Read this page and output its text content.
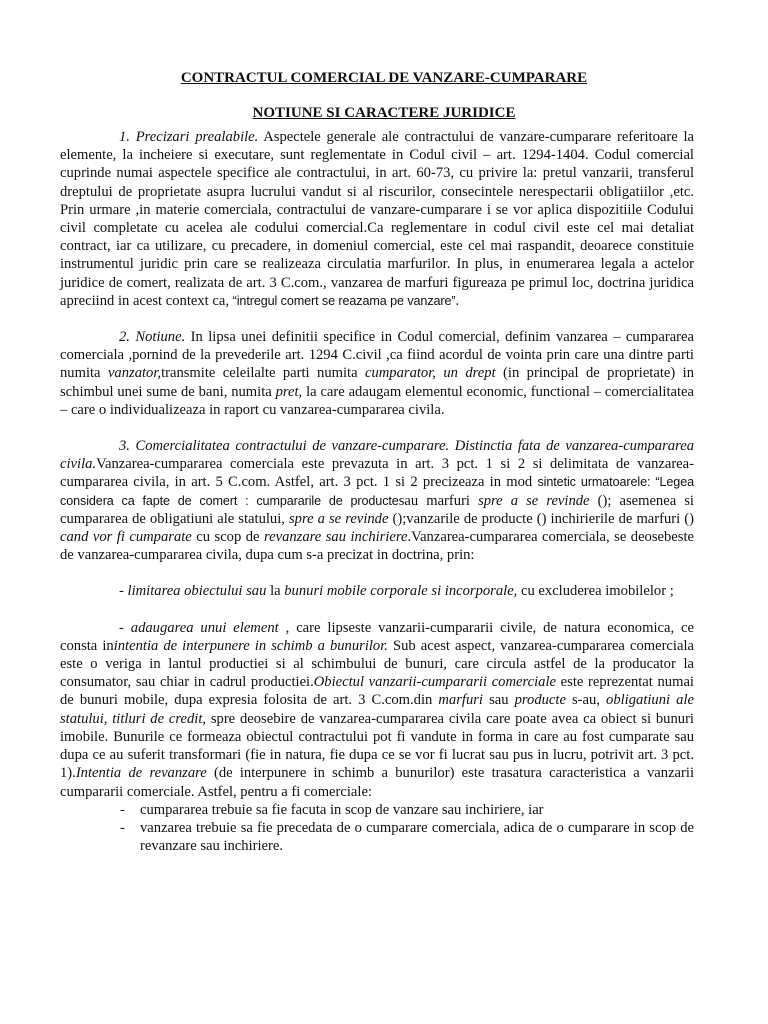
CONTRACTUL COMERCIAL DE VANZARE-CUMPARARE
NOTIUNE SI CARACTERE JURIDICE

1. Precizari prealabile. Aspectele generale ale contractului de vanzare-cumparare referitoare la elemente, la incheiere si executare, sunt reglementate in Codul civil – art. 1294-1404. Codul comercial cuprinde numai aspectele specifice ale contractului, in art. 60-73, cu privire la: pretul vanzarii, transferul dreptului de proprietate asupra lucrului vandut si al riscurilor, consecintele nerespectarii obligatiilor ,etc. Prin urmare ,in materie comerciala, contractului de vanzare-cumparare i se vor aplica dispozitiile Codului civil completate cu acelea ale codului comercial.Ca reglementare in codul civil este cel mai detaliat contract, iar ca utilizare, cu precadere, in domeniul comercial, este cel mai raspandit, deoarece constituie instrumentul juridic prin care se realizeaza circulatia marfurilor. In plus, in enumerarea legala a actelor juridice de comert, realizata de art. 3 C.com., vanzarea de marfuri figureaza pe primul loc, doctrina juridica apreciind in acest context ca, “intregul comert se reazama pe vanzare”.

2. Notiune. In lipsa unei definitii specifice in Codul comercial, definim vanzarea – cumpararea comerciala ,pornind de la prevederile art. 1294 C.civil ,ca fiind acordul de vointa prin care una dintre parti numita vanzator,transmite celeilalte parti numita cumparator, un drept (in principal de proprietate) in schimbul unei sume de bani, numita pret, la care adaugam elementul economic, functional – comercialitatea – care o individualizeaza in raport cu vanzarea-cumpararea civila.

3. Comercialitatea contractului de vanzare-cumparare. Distinctia fata de vanzarea-cumpararea civila.Vanzarea-cumpararea comerciala este prevazuta in art. 3 pct. 1 si 2 si delimitata de vanzarea-cumpararea civila, in art. 5 C.com. Astfel, art. 3 pct. 1 si 2 precizeaza in mod sintetic urmatoarele: “Legea considera ca fapte de comert : cumpararile de productesau marfuri spre a se revinde (); asemenea si cumpararea de obligatiuni ale statului, spre a se revinde ();vanzarile de producte () inchirierile de marfuri () cand vor fi cumparate cu scop de revanzare sau inchiriere.Vanzarea-cumpararea comerciala, se deosebeste de vanzarea-cumpararea civila, dupa cum s-a precizat in doctrina, prin:

- limitarea obiectului sau la bunuri mobile corporale si incorporale, cu excluderea imobilelor ;

- adaugarea unui element , care lipseste vanzarii-cumpararii civile, de natura economica, ce consta inintentia de interpunere in schimb a bunurilor. Sub acest aspect, vanzarea-cumpararea comerciala este o veriga in lantul productiei si al schimbului de bunuri, care circula astfel de la producator la consumator, sau chiar in cadrul productiei.Obiectul vanzarii-cumpararii comerciale este reprezentat numai de bunuri mobile, dupa expresia folosita de art. 3 C.com.din marfuri sau producte s-au, obligatiuni ale statului, titluri de credit, spre deosebire de vanzarea-cumpararea civila care poate avea ca obiect si bunuri imobile. Bunurile ce formeaza obiectul contractului pot fi vandute in forma in care au fost cumparate sau dupa ce au suferit transformari (fie in natura, fie dupa ce se vor fi lucrat sau pus in lucru, potrivit art. 3 pct. 1).Intentia de revanzare (de interpunere in schimb a bunurilor) este trasatura caracteristica a vanzarii cumpararii comerciale. Astfel, pentru a fi comerciale:

-	cumpararea trebuie sa fie facuta in scop de vanzare sau inchiriere, iar

-	vanzarea trebuie sa fie precedata de o cumparare comerciala, adica de o cumparare in scop de revanzare sau inchiriere.
